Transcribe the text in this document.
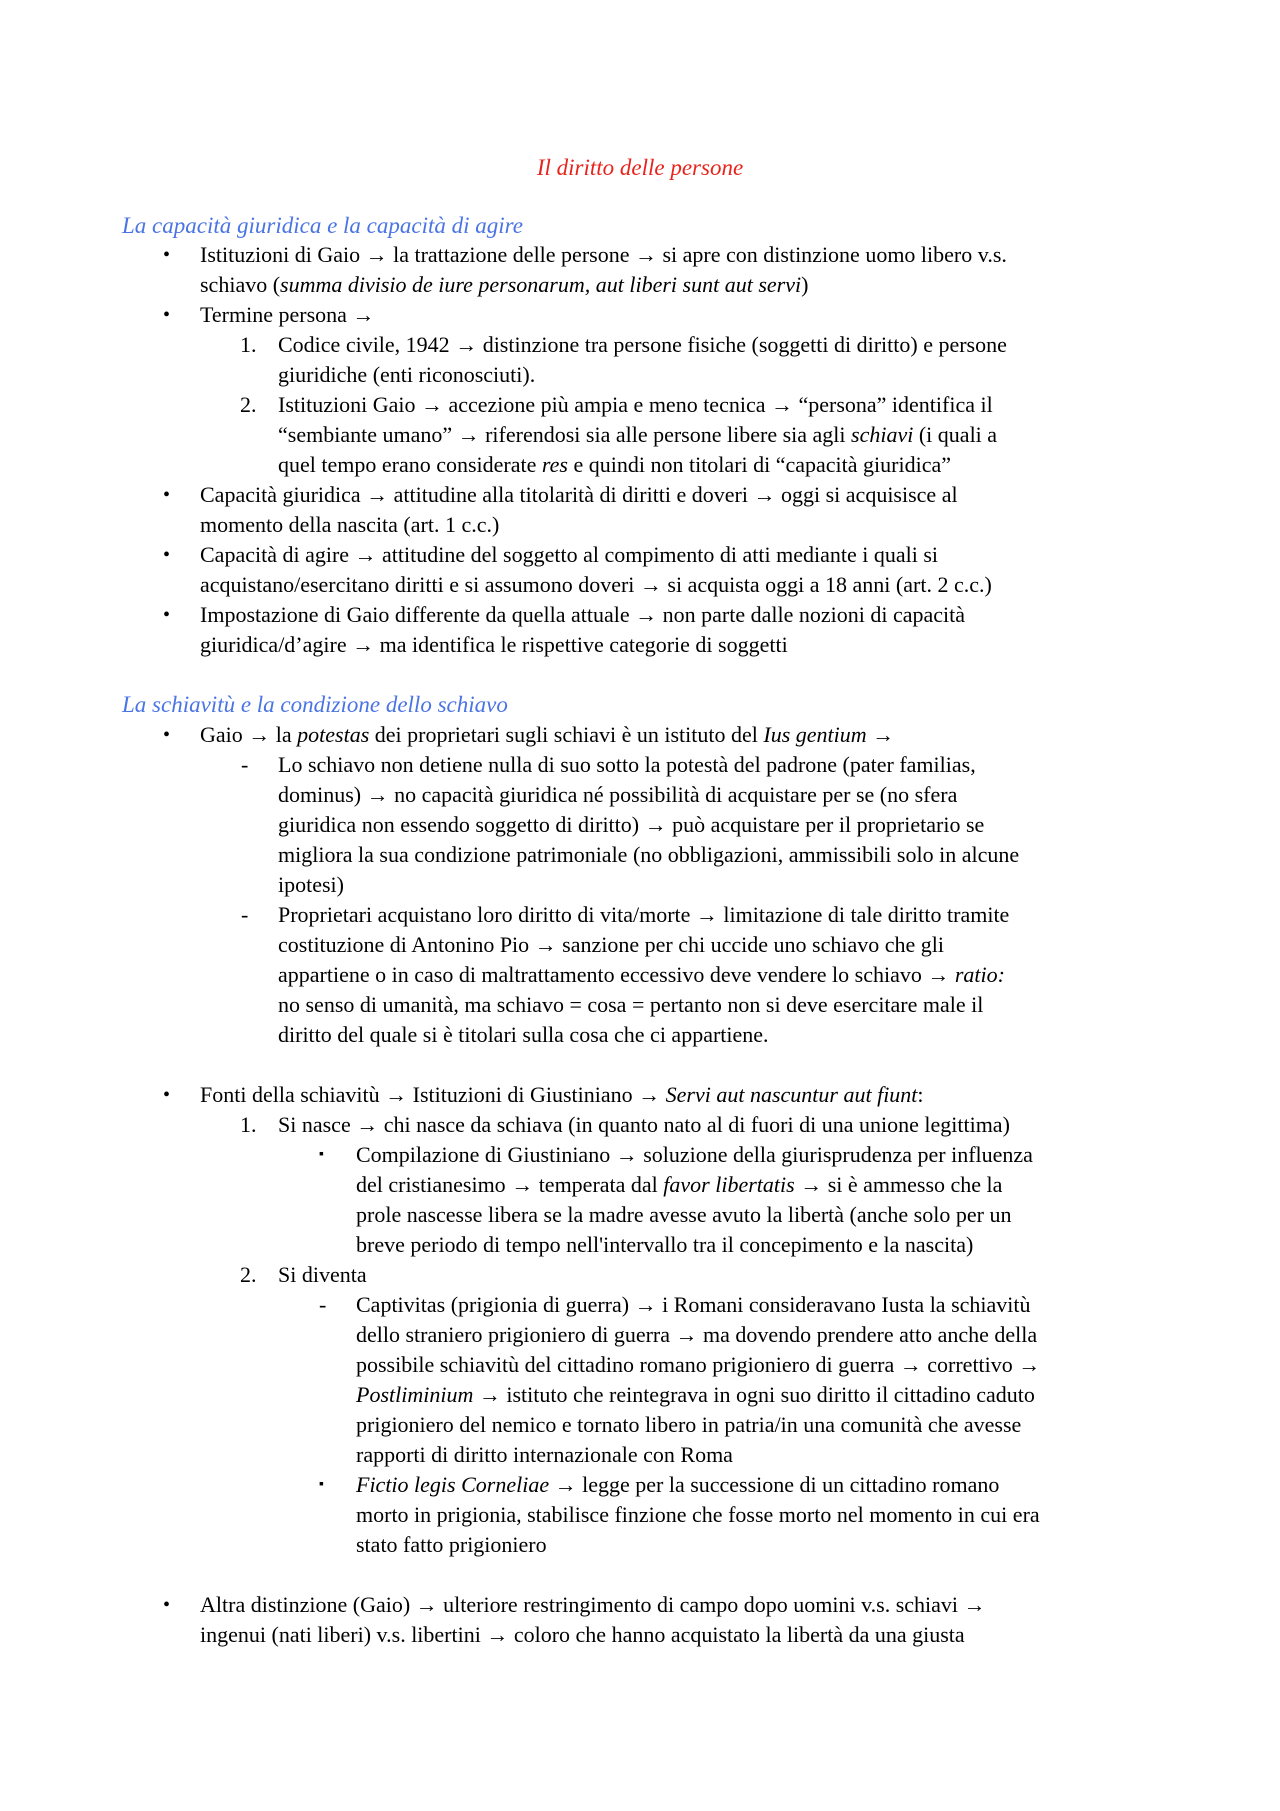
Il diritto delle persone
La capacità giuridica e la capacità di agire
• Istituzioni di Gaio → la trattazione delle persone → si apre con distinzione uomo libero v.s.
schiavo (summa divisio de iure personarum, aut liberi sunt aut servi)
• Termine persona →
1. Codice civile, 1942 → distinzione tra persone fisiche (soggetti di diritto) e persone
giuridiche (enti riconosciuti).
2. Istituzioni Gaio → accezione più ampia e meno tecnica → “persona” identifica il
“sembiante umano” → riferendosi sia alle persone libere sia agli schiavi (i quali a
quel tempo erano considerate res e quindi non titolari di “capacità giuridica”
• Capacità giuridica → attitudine alla titolarità di diritti e doveri → oggi si acquisisce al
momento della nascita (art. 1 c.c.)
• Capacità di agire → attitudine del soggetto al compimento di atti mediante i quali si
acquistano/esercitano diritti e si assumono doveri → si acquista oggi a 18 anni (art. 2 c.c.)
• Impostazione di Gaio differente da quella attuale → non parte dalle nozioni di capacità
giuridica/d’agire → ma identifica le rispettive categorie di soggetti
La schiavitù e la condizione dello schiavo
• Gaio → la potestas dei proprietari sugli schiavi è un istituto del Ius gentium →
- Lo schiavo non detiene nulla di suo sotto la potestà del padrone (pater familias,
dominus) → no capacità giuridica né possibilità di acquistare per se (no sfera
giuridica non essendo soggetto di diritto) → può acquistare per il proprietario se
migliora la sua condizione patrimoniale (no obbligazioni, ammissibili solo in alcune
ipotesi)
- Proprietari acquistano loro diritto di vita/morte → limitazione di tale diritto tramite
costituzione di Antonino Pio → sanzione per chi uccide uno schiavo che gli
appartiene o in caso di maltrattamento eccessivo deve vendere lo schiavo → ratio:
no senso di umanità, ma schiavo = cosa = pertanto non si deve esercitare male il
diritto del quale si è titolari sulla cosa che ci appartiene.
• Fonti della schiavitù → Istituzioni di Giustiniano → Servi aut nascuntur aut fiunt:
1. Si nasce → chi nasce da schiava (in quanto nato al di fuori di una unione legittima)
▪ Compilazione di Giustiniano → soluzione della giurisprudenza per influenza
del cristianesimo → temperata dal favor libertatis → si è ammesso che la
prole nascesse libera se la madre avesse avuto la libertà (anche solo per un
breve periodo di tempo nell'intervallo tra il concepimento e la nascita)
2. Si diventa
- Captivitas (prigionia di guerra) → i Romani consideravano Iusta la schiavitù
dello straniero prigioniero di guerra → ma dovendo prendere atto anche della
possibile schiavitù del cittadino romano prigioniero di guerra → correttivo →
Postliminium → istituto che reintegrava in ogni suo diritto il cittadino caduto
prigioniero del nemico e tornato libero in patria/in una comunità che avesse
rapporti di diritto internazionale con Roma
▪ Fictio legis Corneliae → legge per la successione di un cittadino romano
morto in prigionia, stabilisce finzione che fosse morto nel momento in cui era
stato fatto prigioniero
• Altra distinzione (Gaio) → ulteriore restringimento di campo dopo uomini v.s. schiavi →
ingenui (nati liberi) v.s. libertini → coloro che hanno acquistato la libertà da una giusta
